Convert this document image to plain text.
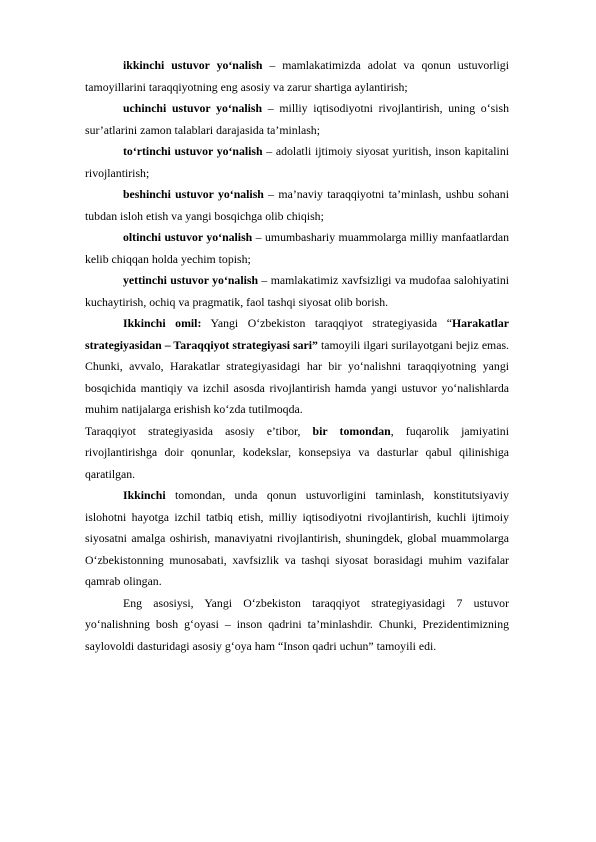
ikkinchi ustuvor yo‘nalish – mamlakatimizda adolat va qonun ustuvorligi tamoyillarini taraqqiyotning eng asosiy va zarur shartiga aylantirish;

uchinchi ustuvor yo‘nalish – milliy iqtisodiyotni rivojlantirish, uning o‘sish sur’atlarini zamon talablari darajasida ta’minlash;

to‘rtinchi ustuvor yo‘nalish – adolatli ijtimoiy siyosat yuritish, inson kapitalini rivojlantirish;

beshinchi ustuvor yo‘nalish – ma’naviy taraqqiyotni ta’minlash, ushbu sohani tubdan isloh etish va yangi bosqichga olib chiqish;

oltinchi ustuvor yo‘nalish – umumbashariy muammolarga milliy manfaatlardan kelib chiqqan holda yechim topish;

yettinchi ustuvor yo‘nalish – mamlakatimiz xavfsizligi va mudofaa salohiyatini kuchaytirish, ochiq va pragmatik, faol tashqi siyosat olib borish.

Ikkinchi omil: Yangi O‘zbekiston taraqqiyot strategiyasida “Harakatlar strategiyasidan – Taraqqiyot strategiyasi sari” tamoyili ilgari surilayotgani bejiz emas. Chunki, avvalo, Harakatlar strategiyasidagi har bir yo‘nalishni taraqqiyotning yangi bosqichida mantiqiy va izchil asosda rivojlantirish hamda yangi ustuvor yo‘nalishlarda muhim natijalarga erishish ko‘zda tutilmoqda.

Taraqqiyot strategiyasida asosiy e’tibor, bir tomondan, fuqarolik jamiyatini rivojlantirishga doir qonunlar, kodekslar, konsepsiya va dasturlar qabul qilinishiga qaratilgan.

Ikkinchi tomondan, unda qonun ustuvorligini taminlash, konstitutsiyaviy islohotni hayotga izchil tatbiq etish, milliy iqtisodiyotni rivojlantirish, kuchli ijtimoiy siyosatni amalga oshirish, manaviyatni rivojlantirish, shuningdek, global muammolarga O‘zbekistonning munosabati, xavfsizlik va tashqi siyosat borasidagi muhim vazifalar qamrab olingan.

Eng asosiysi, Yangi O‘zbekiston taraqqiyot strategiyasidagi 7 ustuvor yo‘nalishning bosh g‘oyasi – inson qadrini ta’minlashdir. Chunki, Prezidentimizning saylovoldi dasturidagi asosiy g‘oya ham “Inson qadri uchun” tamoyili edi.
